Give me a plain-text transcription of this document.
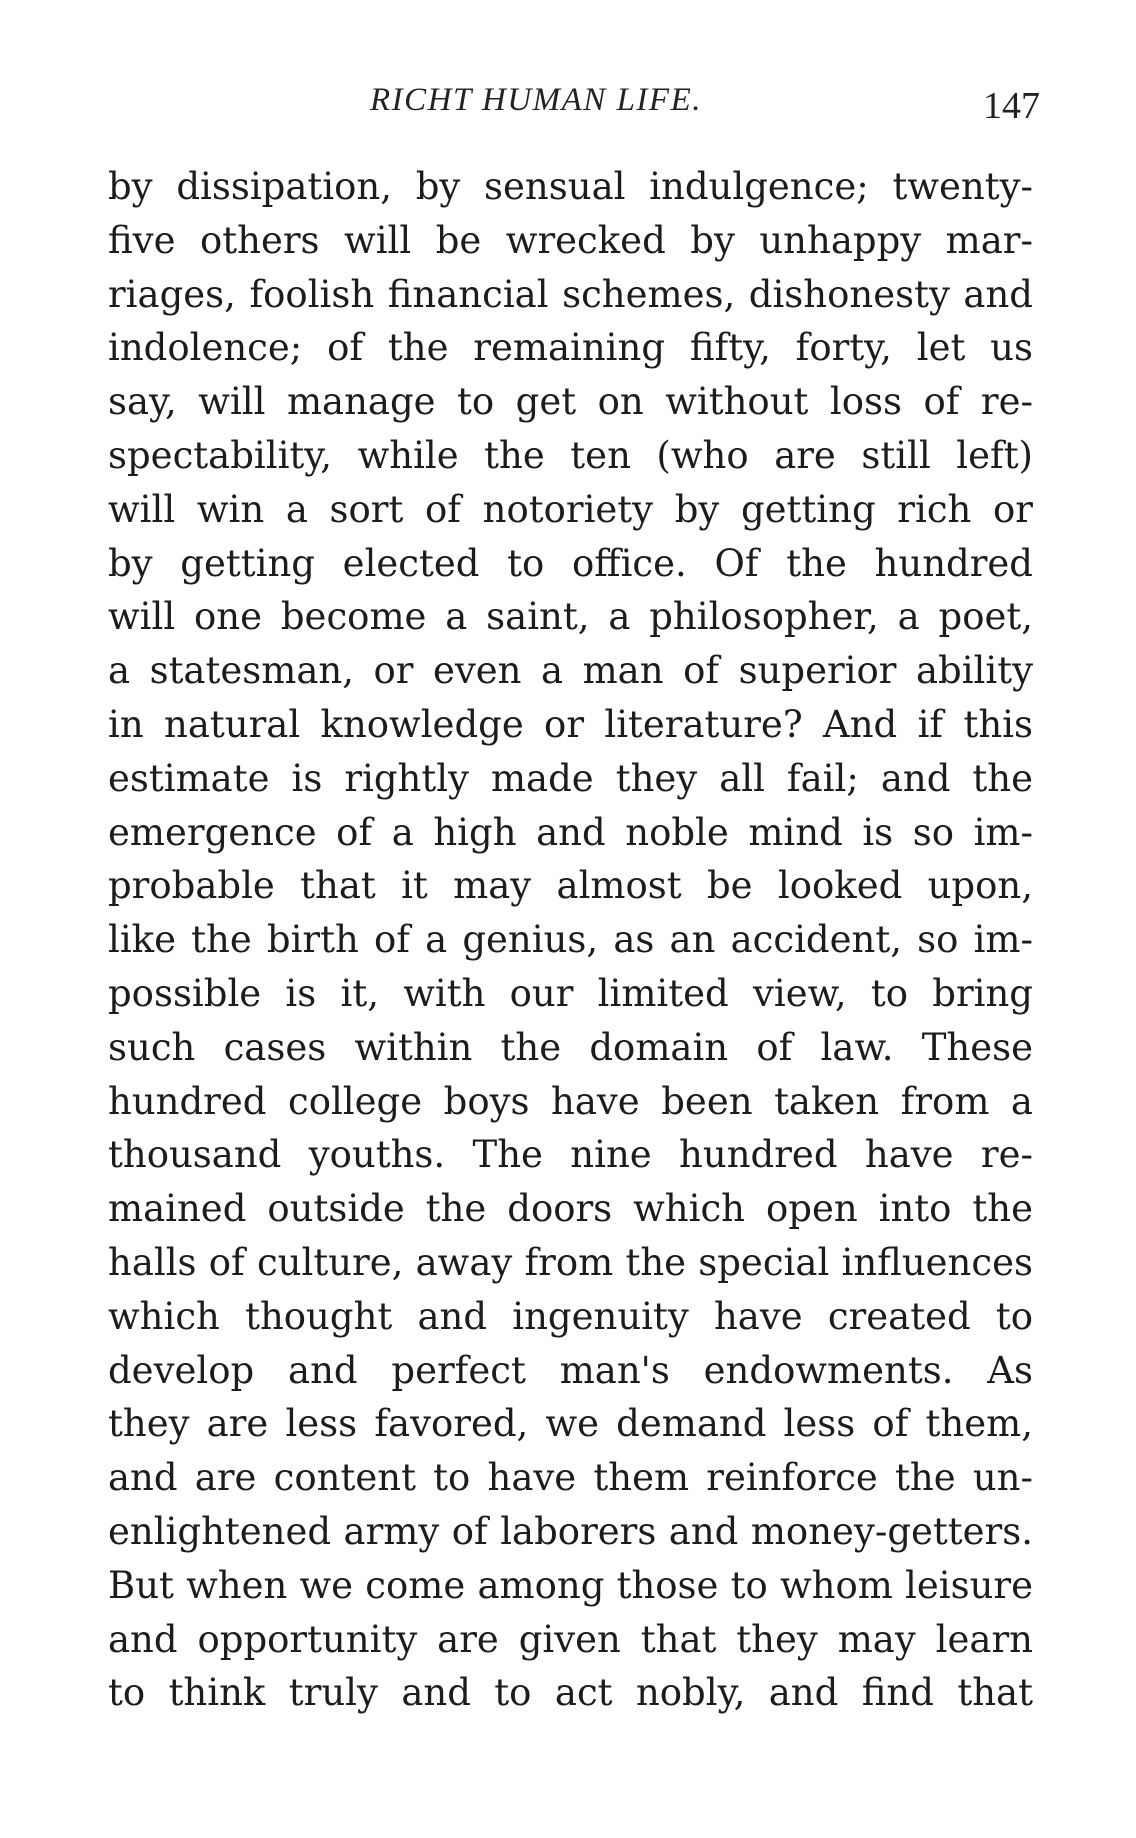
RICHT HUMAN LIFE.	147
by dissipation, by sensual indulgence; twenty-
five others will be wrecked by unhappy mar-
riages, foolish financial schemes, dishonesty and
indolence; of the remaining fifty, forty, let us
say, will manage to get on without loss of re-
spectability, while the ten (who are still left)
will win a sort of notoriety by getting rich or
by getting elected to office. Of the hundred
will one become a saint, a philosopher, a poet,
a statesman, or even a man of superior ability
in natural knowledge or literature? And if this
estimate is rightly made they all fail; and the
emergence of a high and noble mind is so im-
probable that it may almost be looked upon,
like the birth of a genius, as an accident, so im-
possible is it, with our limited view, to bring
such cases within the domain of law. These
hundred college boys have been taken from a
thousand youths. The nine hundred have re-
mained outside the doors which open into the
halls of culture, away from the special influences
which thought and ingenuity have created to
develop and perfect man's endowments. As
they are less favored, we demand less of them,
and are content to have them reinforce the un-
enlightened army of laborers and money-getters.
But when we come among those to whom leisure
and opportunity are given that they may learn
to think truly and to act nobly, and find that
